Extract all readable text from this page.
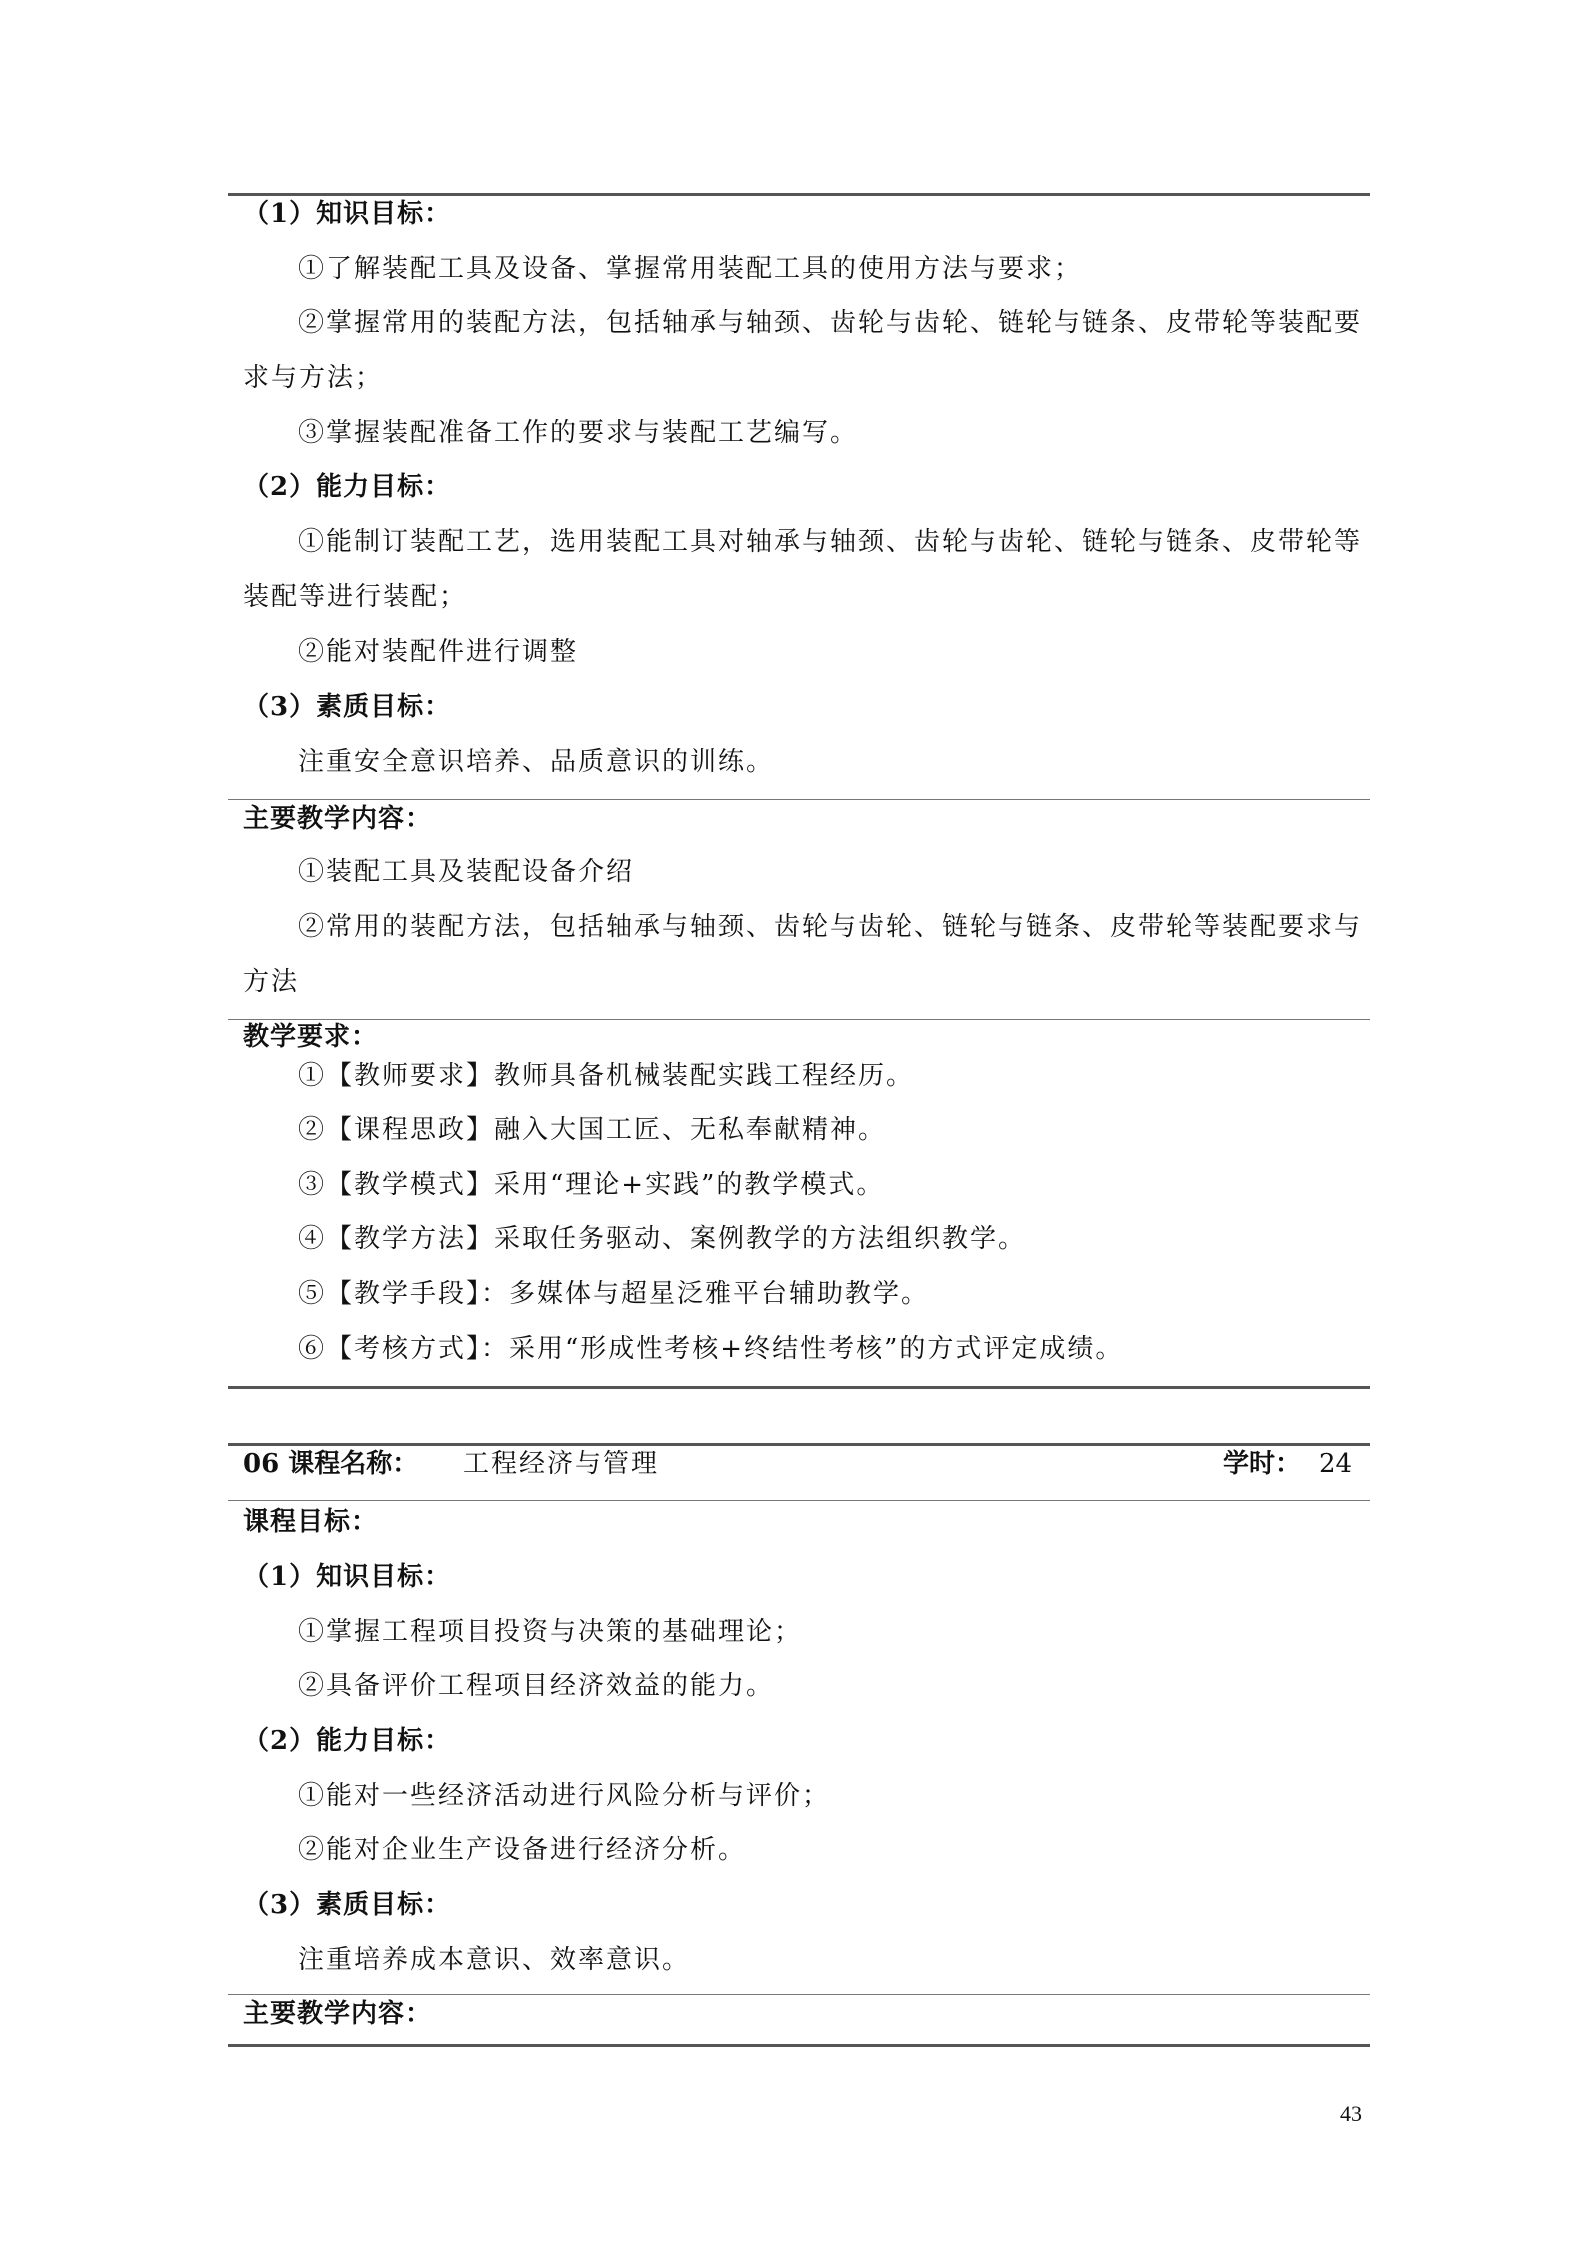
（1）知识目标：
①了解装配工具及设备、掌握常用装配工具的使用方法与要求；
②掌握常用的装配方法，包括轴承与轴颈、齿轮与齿轮、链轮与链条、皮带轮等装配要
求与方法；
③掌握装配准备工作的要求与装配工艺编写。
（2）能力目标：
①能制订装配工艺，选用装配工具对轴承与轴颈、齿轮与齿轮、链轮与链条、皮带轮等
装配等进行装配；
②能对装配件进行调整
（3）素质目标：
注重安全意识培养、品质意识的训练。
主要教学内容：
①装配工具及装配设备介绍
②常用的装配方法，包括轴承与轴颈、齿轮与齿轮、链轮与链条、皮带轮等装配要求与
方法
教学要求：
①【教师要求】教师具备机械装配实践工程经历。
②【课程思政】融入大国工匠、无私奉献精神。
③【教学模式】采用“理论+实践”的教学模式。
④【教学方法】采取任务驱动、案例教学的方法组织教学。
⑤【教学手段】：多媒体与超星泛雅平台辅助教学。
⑥【考核方式】：采用“形成性考核+终结性考核”的方式评定成绩。
06 课程名称： 工程经济与管理	学时： 24
课程目标：
（1）知识目标：
①掌握工程项目投资与决策的基础理论；
②具备评价工程项目经济效益的能力。
（2）能力目标：
①能对一些经济活动进行风险分析与评价；
②能对企业生产设备进行经济分析。
（3）素质目标：
注重培养成本意识、效率意识。
主要教学内容：
43
